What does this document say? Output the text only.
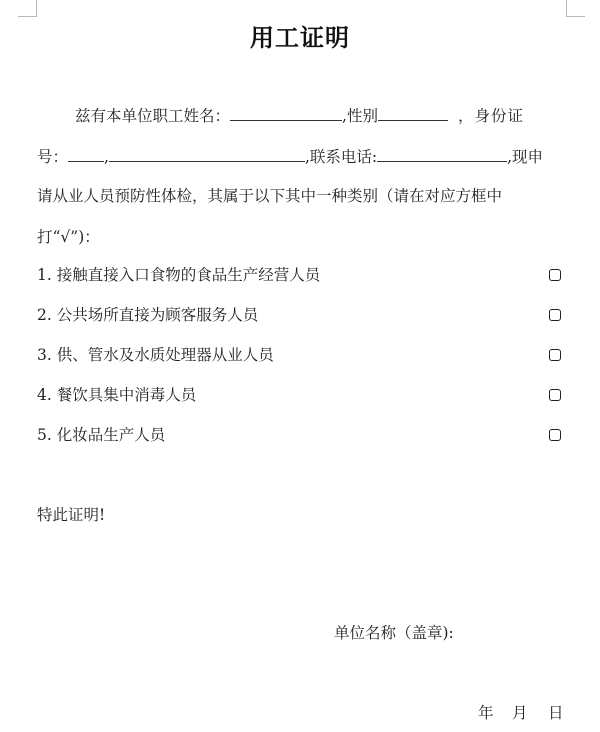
用工证明
兹有本单位职工姓名：	,性别	，身份证
号： ,	,联系电话:	,现申
请从业人员预防性体检，其属于以下其中一种类别（请在对应方框中
打“√”)：
1. 接触直接入口食物的食品生产经营人员
2. 公共场所直接为顾客服务人员
3. 供、管水及水质处理器从业人员
4. 餐饮具集中消毒人员
5. 化妆品生产人员
特此证明!
单位名称（盖章):
年 月 日
